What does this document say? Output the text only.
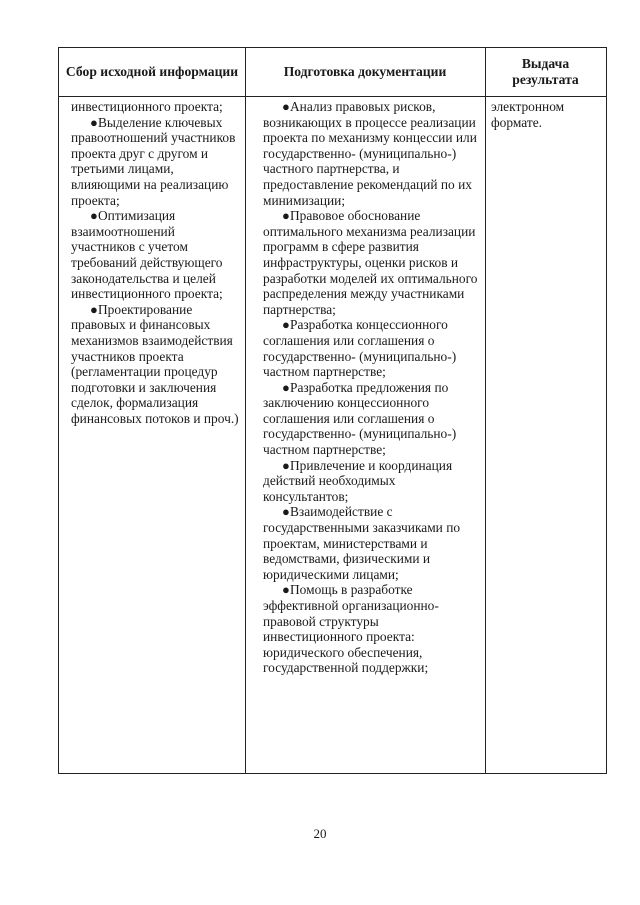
Сбор исходной информации	Подготовка документации
Выдача результата
инвестиционного проекта;
● Выделение ключевых правоотношений участников проекта друг с другом и третьими лицами, влияющими на реализацию проекта;
● Оптимизация взаимоотношений участников с учетом требований действующего законодательства и целей инвестиционного проекта;
● Проектирование правовых и финансовых механизмов взаимодействия участников проекта (регламентации процедур подготовки и заключения сделок, формализация финансовых потоков и проч.)
● Анализ правовых рисков, возникающих в процессе реализации проекта по механизму концессии или государственно- (муниципально-) частного партнерства, и предоставление рекомендаций по их минимизации;
● Правовое обоснование оптимального механизма реализации программ в сфере развития инфраструктуры, оценки рисков и разработки моделей их оптимального распределения между участниками партнерства;
● Разработка концессионного соглашения или соглашения о государственно- (муниципально-) частном партнерстве;
● Разработка предложения по заключению концессионного соглашения или соглашения о государственно- (муниципально-) частном партнерстве;
● Привлечение и координация действий необходимых консультантов;
● Взаимодействие с государственными заказчиками по проектам, министерствами и ведомствами, физическими и юридическими лицами;
● Помощь в разработке эффективной организационно-правовой структуры инвестиционного проекта: юридического обеспечения, государственной поддержки;
электронном формате.
20
